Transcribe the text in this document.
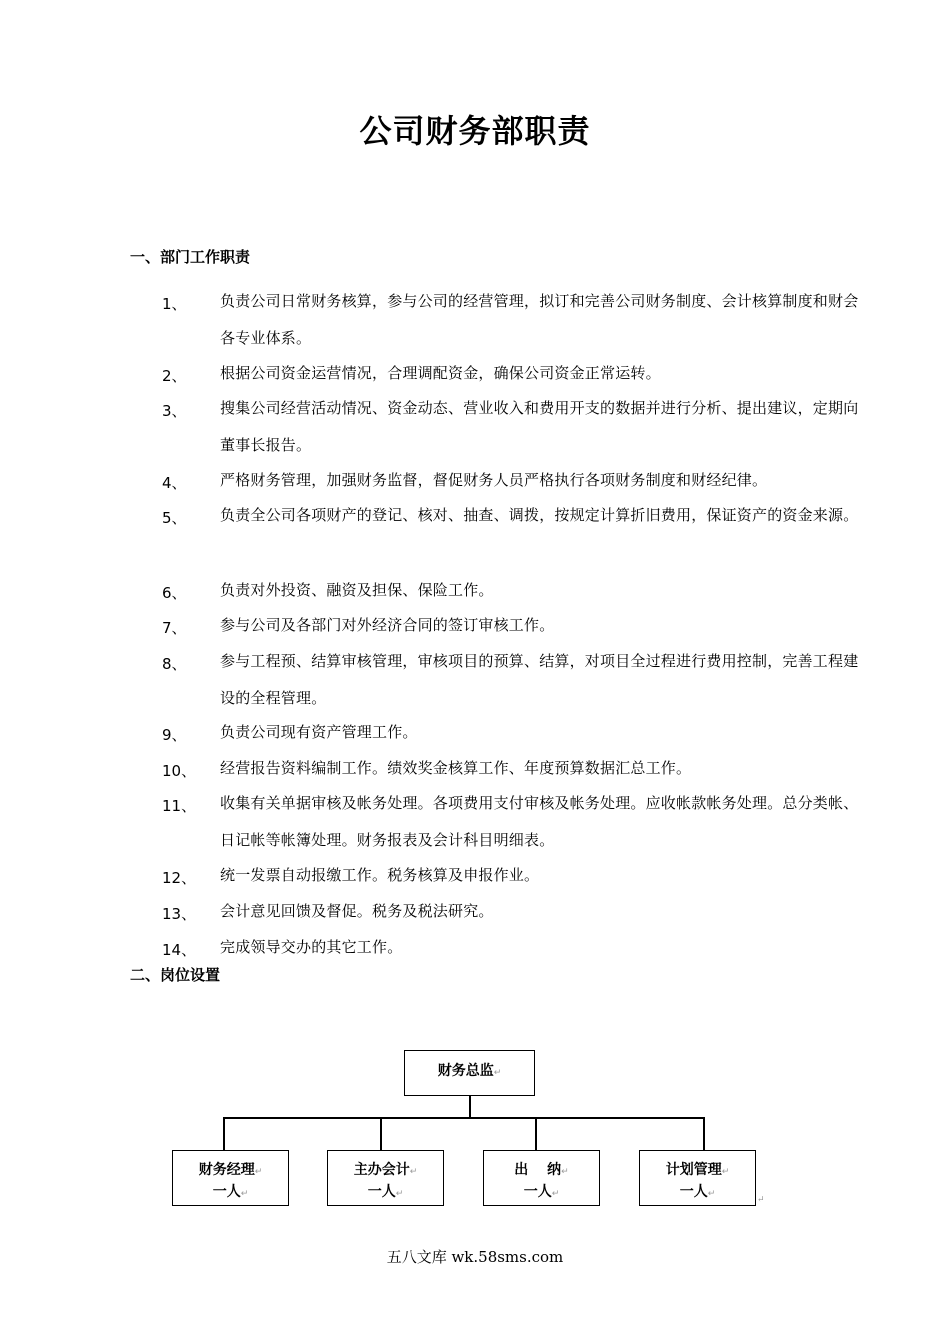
公司财务部职责
一、部门工作职责
1、 负责公司日常财务核算，参与公司的经营管理，拟订和完善公司财务制度、会计核算制度和财会各专业体系。
2、 根据公司资金运营情况，合理调配资金，确保公司资金正常运转。
3、 搜集公司经营活动情况、资金动态、营业收入和费用开支的数据并进行分析、提出建议，定期向董事长报告。
4、 严格财务管理，加强财务监督，督促财务人员严格执行各项财务制度和财经纪律。
5、 负责全公司各项财产的登记、核对、抽查、调拨，按规定计算折旧费用，保证资产的资金来源。
6、 负责对外投资、融资及担保、保险工作。
7、 参与公司及各部门对外经济合同的签订审核工作。
8、 参与工程预、结算审核管理，审核项目的预算、结算，对项目全过程进行费用控制，完善工程建设的全程管理。
9、 负责公司现有资产管理工作。
10、 经营报告资料编制工作。绩效奖金核算工作、年度预算数据汇总工作。
11、 收集有关单据审核及帐务处理。各项费用支付审核及帐务处理。应收帐款帐务处理。总分类帐、日记帐等帐簿处理。财务报表及会计科目明细表。
12、 统一发票自动报缴工作。税务核算及申报作业。
13、 会计意见回馈及督促。税务及税法研究。
14、 完成领导交办的其它工作。
二、岗位设置
财务总监↵
财务经理↵
一人↵
主办会计↵
一人↵
出　 纳↵
一人↵
计划管理↵
一人↵
↵
五八文库 wk.58sms.com
